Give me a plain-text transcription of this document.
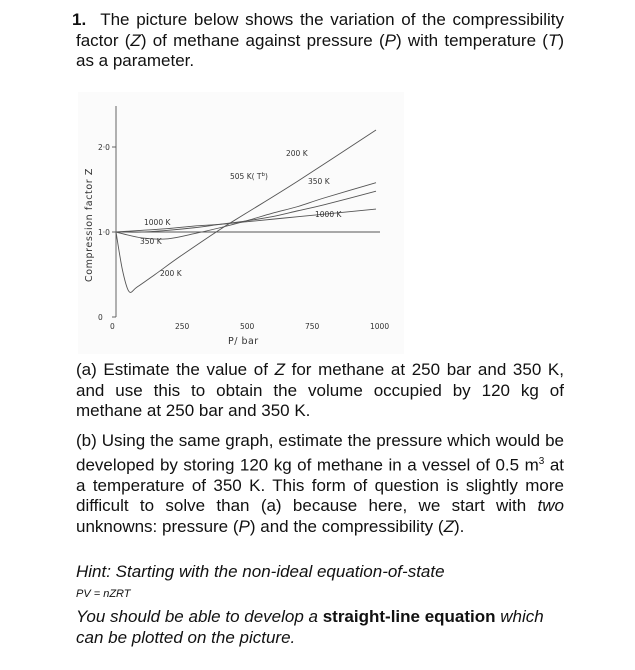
1. The picture below shows the variation of the compressibility factor (Z) of methane against pressure (P) with temperature (T) as a parameter.
0
1·0
2·0
0	250	500	750	1000
Compression factor Z
P/ bar
200 K
505 K( $T^b$)
350 K
1000 K
1000 K
350 K
200 K
(a) Estimate the value of Z for methane at 250 bar and 350 K, and use this to obtain the volume occupied by 120 kg of methane at 250 bar and 350 K.
(b) Using the same graph, estimate the pressure which would be developed by storing 120 kg of methane in a vessel of 0.5 $m^3$ at a temperature of 350 K. This form of question is slightly more difficult to solve than (a) because here, we start with two unknowns: pressure (P) and the compressibility (Z).
Hint: Starting with the non-ideal equation-of-state
PV = nZRT
You should be able to develop a straight-line equation which can be plotted on the picture.
